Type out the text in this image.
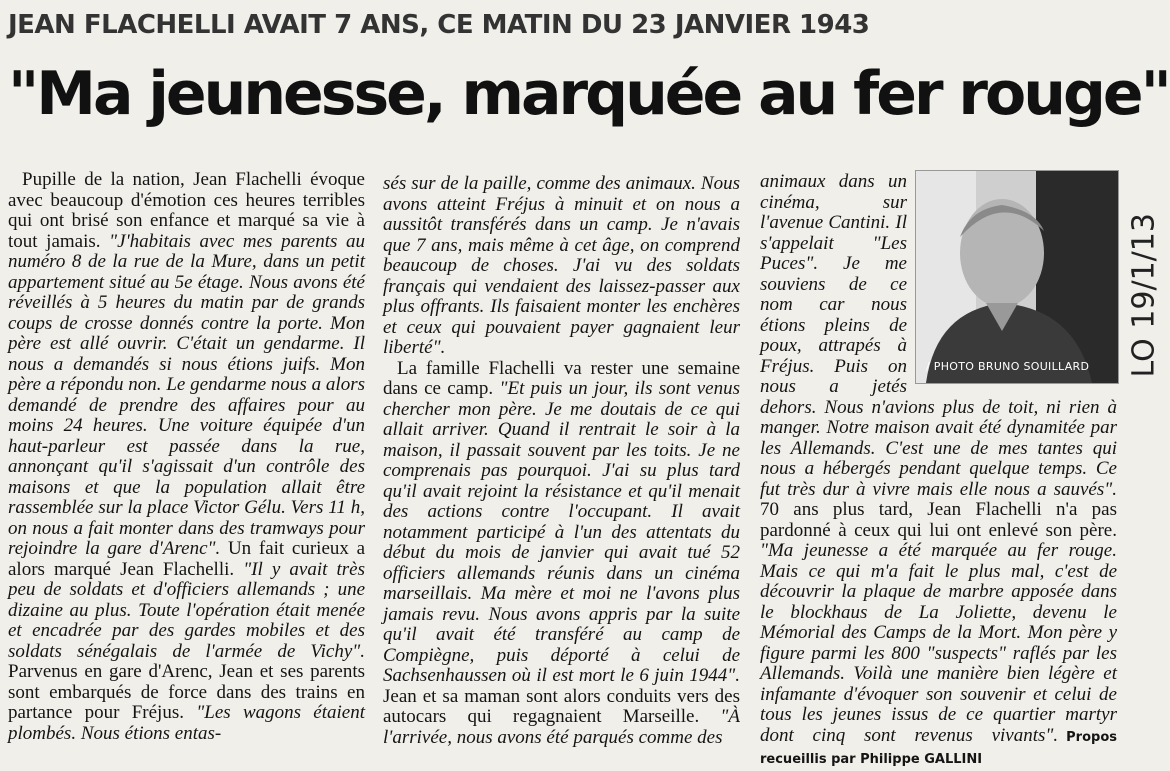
JEAN FLACHELLI AVAIT 7 ANS, CE MATIN DU 23 JANVIER 1943
"Ma jeunesse, marquée au fer rouge"

Pupille de la nation, Jean Flachelli évoque avec beaucoup d'émotion ces heures terribles qui ont brisé son enfance et marqué sa vie à tout jamais. "J'habitais avec mes parents au numéro 8 de la rue de la Mure, dans un petit appartement situé au 5e étage. Nous avons été réveillés à 5 heures du matin par de grands coups de crosse donnés contre la porte. Mon père est allé ouvrir. C'était un gendarme. Il nous a demandés si nous étions juifs. Mon père a répondu non. Le gendarme nous a alors demandé de prendre des affaires pour au moins 24 heures. Une voiture équipée d'un haut-parleur est passée dans la rue, annonçant qu'il s'agissait d'un contrôle des maisons et que la population allait être rassemblée sur la place Victor Gélu. Vers 11 h, on nous a fait monter dans des tramways pour rejoindre la gare d'Arenc". Un fait curieux a alors marqué Jean Flachelli. "Il y avait très peu de soldats et d'officiers allemands ; une dizaine au plus. Toute l'opération était menée et encadrée par des gardes mobiles et des soldats sénégalais de l'armée de Vichy". Parvenus en gare d'Arenc, Jean et ses parents sont embarqués de force dans des trains en partance pour Fréjus. "Les wagons étaient plombés. Nous étions entas-

sés sur de la paille, comme des animaux. Nous avons atteint Fréjus à minuit et on nous a aussitôt transférés dans un camp. Je n'avais que 7 ans, mais même à cet âge, on comprend beaucoup de choses. J'ai vu des soldats français qui vendaient des laissez-passer aux plus offrants. Ils faisaient monter les enchères et ceux qui pouvaient payer gagnaient leur liberté".

La famille Flachelli va rester une semaine dans ce camp. "Et puis un jour, ils sont venus chercher mon père. Je me doutais de ce qui allait arriver. Quand il rentrait le soir à la maison, il passait souvent par les toits. Je ne comprenais pas pourquoi. J'ai su plus tard qu'il avait rejoint la résistance et qu'il menait des actions contre l'occupant. Il avait notamment participé à l'un des attentats du début du mois de janvier qui avait tué 52 officiers allemands réunis dans un cinéma marseillais. Ma mère et moi ne l'avons plus jamais revu. Nous avons appris par la suite qu'il avait été transféré au camp de Compiègne, puis déporté à celui de Sachsenhaussen où il est mort le 6 juin 1944". Jean et sa maman sont alors conduits vers des autocars qui regagnaient Marseille. "À l'arrivée, nous avons été parqués comme des

/ PHOTO BRUNO SOUILLARD

animaux dans un cinéma, sur l'avenue Cantini. Il s'appelait "Les Puces". Je me souviens de ce nom car nous étions pleins de poux, attrapés à Fréjus. Puis on nous a jetés dehors. Nous n'avions plus de toit, ni rien à manger. Notre maison avait été dynamitée par les Allemands. C'est une de mes tantes qui nous a hébergés pendant quelque temps. Ce fut très dur à vivre mais elle nous a sauvés". 70 ans plus tard, Jean Flachelli n'a pas pardonné à ceux qui lui ont enlevé son père. "Ma jeunesse a été marquée au fer rouge. Mais ce qui m'a fait le plus mal, c'est de découvrir la plaque de marbre apposée dans le blockhaus de La Joliette, devenu le Mémorial des Camps de la Mort. Mon père y figure parmi les 800 "suspects" raflés par les Allemands. Voilà une manière bien légère et infamante d'évoquer son souvenir et celui de tous les jeunes issus de ce quartier martyr dont cinq sont revenus vivants". Propos recueillis par Philippe GALLINI

LO 19/1/13
